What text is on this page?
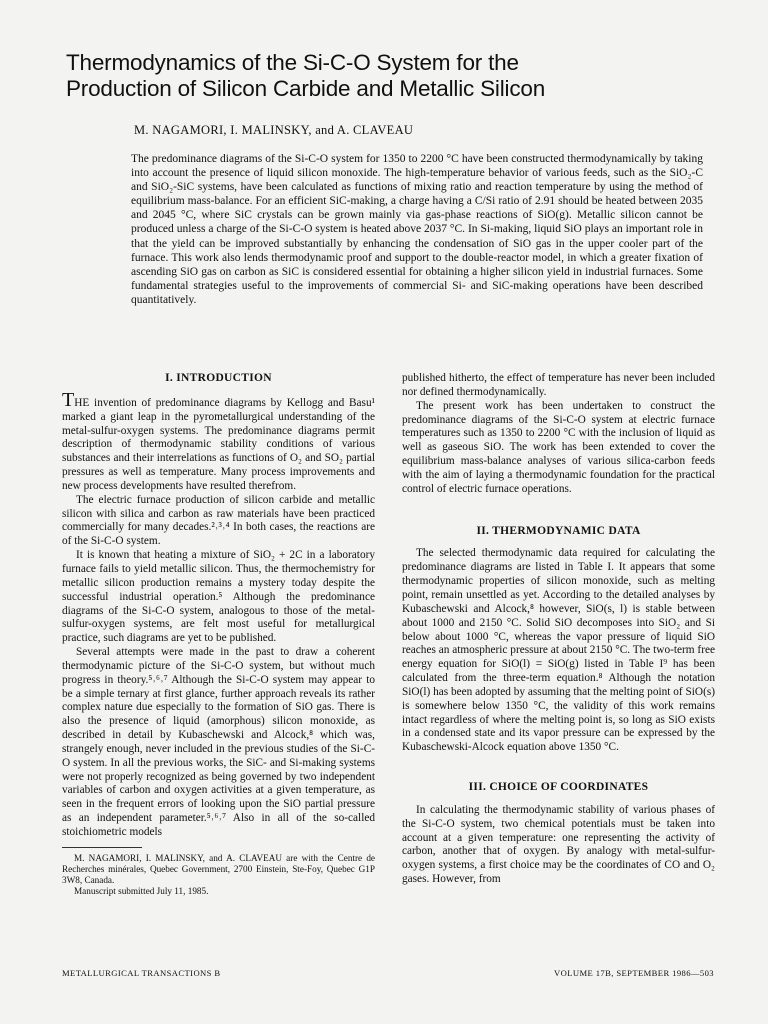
Thermodynamics of the Si-C-O System for the
Production of Silicon Carbide and Metallic Silicon
M. NAGAMORI, I. MALINSKY, and A. CLAVEAU
The predominance diagrams of the Si-C-O system for 1350 to 2200 °C have been constructed thermodynamically by taking into account the presence of liquid silicon monoxide. The high-temperature behavior of various feeds, such as the SiO₂-C and SiO₂-SiC systems, have been calculated as functions of mixing ratio and reaction temperature by using the method of equilibrium mass-balance. For an efficient SiC-making, a charge having a C/Si ratio of 2.91 should be heated between 2035 and 2045 °C, where SiC crystals can be grown mainly via gas-phase reactions of SiO(g). Metallic silicon cannot be produced unless a charge of the Si-C-O system is heated above 2037 °C. In Si-making, liquid SiO plays an important role in that the yield can be improved substantially by enhancing the condensation of SiO gas in the upper cooler part of the furnace. This work also lends thermodynamic proof and support to the double-reactor model, in which a greater fixation of ascending SiO gas on carbon as SiC is considered essential for obtaining a higher silicon yield in industrial furnaces. Some fundamental strategies useful to the improvements of commercial Si- and SiC-making operations have been described quantitatively.
I. INTRODUCTION

THE invention of predominance diagrams by Kellogg and Basu¹ marked a giant leap in the pyrometallurgical understanding of the metal-sulfur-oxygen systems. The predominance diagrams permit description of thermodynamic stability conditions of various substances and their interrelations as functions of O₂ and SO₂ partial pressures as well as temperature. Many process improvements and new process developments have resulted therefrom.

The electric furnace production of silicon carbide and metallic silicon with silica and carbon as raw materials have been practiced commercially for many decades.²˒³˒⁴ In both cases, the reactions are of the Si-C-O system.

It is known that heating a mixture of SiO₂ + 2C in a laboratory furnace fails to yield metallic silicon. Thus, the thermochemistry for metallic silicon production remains a mystery today despite the successful industrial operation.⁵ Although the predominance diagrams of the Si-C-O system, analogous to those of the metal-sulfur-oxygen systems, are felt most useful for metallurgical practice, such diagrams are yet to be published.

Several attempts were made in the past to draw a coherent thermodynamic picture of the Si-C-O system, but without much progress in theory.⁵˒⁶˒⁷ Although the Si-C-O system may appear to be a simple ternary at first glance, further approach reveals its rather complex nature due especially to the formation of SiO gas. There is also the presence of liquid (amorphous) silicon monoxide, as described in detail by Kubaschewski and Alcock,⁸ which was, strangely enough, never included in the previous studies of the Si-C-O system. In all the previous works, the SiC- and Si-making systems were not properly recognized as being governed by two independent variables of carbon and oxygen activities at a given temperature, as seen in the frequent errors of looking upon the SiO partial pressure as an independent parameter.⁵˒⁶˒⁷ Also in all of the so-called stoichiometric models

M. NAGAMORI, I. MALINSKY, and A. CLAVEAU are with the Centre de Recherches minérales, Quebec Government, 2700 Einstein, Ste-Foy, Quebec G1P 3W8, Canada.

Manuscript submitted July 11, 1985.

published hitherto, the effect of temperature has never been included nor defined thermodynamically.

The present work has been undertaken to construct the predominance diagrams of the Si-C-O system at electric furnace temperatures such as 1350 to 2200 °C with the inclusion of liquid as well as gaseous SiO. The work has been extended to cover the equilibrium mass-balance analyses of various silica-carbon feeds with the aim of laying a thermodynamic foundation for the practical control of electric furnace operations.

II. THERMODYNAMIC DATA

The selected thermodynamic data required for calculating the predominance diagrams are listed in Table I. It appears that some thermodynamic properties of silicon monoxide, such as melting point, remain unsettled as yet. According to the detailed analyses by Kubaschewski and Alcock,⁸ however, SiO(s, l) is stable between about 1000 and 2150 °C. Solid SiO decomposes into SiO₂ and Si below about 1000 °C, whereas the vapor pressure of liquid SiO reaches an atmospheric pressure at about 2150 °C. The two-term free energy equation for SiO(l) = SiO(g) listed in Table I⁹ has been calculated from the three-term equation.⁸ Although the notation SiO(l) has been adopted by assuming that the melting point of SiO(s) is somewhere below 1350 °C, the validity of this work remains intact regardless of where the melting point is, so long as SiO exists in a condensed state and its vapor pressure can be expressed by the Kubaschewski-Alcock equation above 1350 °C.

III. CHOICE OF COORDINATES

In calculating the thermodynamic stability of various phases of the Si-C-O system, two chemical potentials must be taken into account at a given temperature: one representing the activity of carbon, another that of oxygen. By analogy with metal-sulfur-oxygen systems, a first choice may be the coordinates of CO and O₂ gases. However, from

METALLURGICAL TRANSACTIONS B	VOLUME 17B, SEPTEMBER 1986—503
